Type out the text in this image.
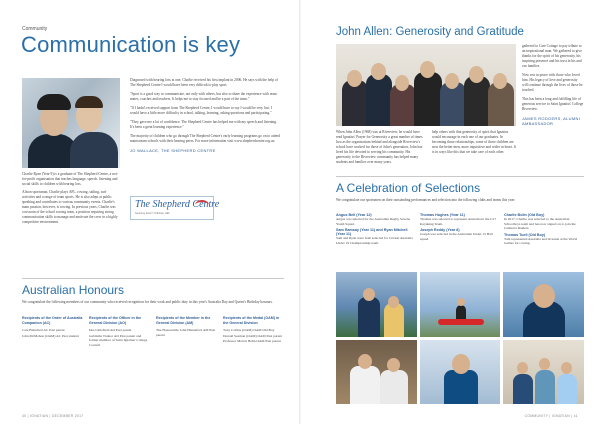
Community
Communication is key

Charlie Ryan (Year 9) is a graduate of The Shepherd Centre, a not-for-profit organisation that teaches language, speech, listening and social skills to children with hearing loss.

Alison sportsman, Charlie plays AFL, rowing, sailing, surf activities and a range of team sports. He is also adept at public speaking and contributes to various community events. Charlie's main passion, however, is rowing. In previous years, Charlie was coxswain of the school rowing team, a position requiring strong communication skills to manage and motivate the crew in a highly competitive environment.

Diagnosed with hearing loss at one, Charlie received his first implant in 2006. He says with the help of The Shepherd Centre I would have been very difficult to play sport.

"Sport is a good way to communicate, not only with others, but also to share the experience with team mates, coaches and teachers. It helps me to stay focused and be a part of the team."

"If I hadn't received support from The Shepherd Centre, I would have to say I would be very lost. I would have a little more difficulty in school, talking, learning, asking questions and participating."

"They gave me a lot of confidence. The Shepherd Centre has helped me with my speech and listening. It's been a great learning experience."

The majority of children who go through The Shepherd Centre's early learning programs go on to attend mainstream schools with their hearing peers. For more information visit www.shepherdcentre.org.au

JO WALLACE, THE SHEPHERD CENTRE
The Shepherd Centre
hearing loss? children talk
Australian Honours
We congratulate the following members of our community who received recognition for their work and public duty in this year's Australia Day and Queen's Birthday honours.
Recipients of the Order of Australia Companion (AC)
Cate Blanchett AC Past parent
John McMahon (OAM) AC Past student
Recipients of the Officer in the General Division (AO)
Des Littlefield AO Past parent
Gabrielle Trainor AO Past parent and former member of Saint Ignatius' College Council
Recipients of the Member in the General Division (AM)
The Honourable John Hannaford AM Past parent
Recipients of the Medal (OAM) in the General Division
Tony Collins (OAM) OAM Old Boy
Donald Seaman (OAM) OAM Past parent
Professor Marcia Hahn OAM Past parent
40 | IGNATIAN | DECEMBER 2017
John Allen: Generosity and Gratitude
When John Allen (1968) was at Riverview, he would have read Ignatius' Prayer for Generosity a great number of times. Just as the organisations behind and alongside Riverview's school have worked for those of John's generation, John has lived his life devoted to serving his community. His generosity to the Riverview community has helped many students and families over many years.
help others with that generosity of spirit that Ignatius would encourage in each one of our graduates. In becoming those relationships, some of those children are now the better men, more inquisitive and wider in heart. It is in ways like this that we take care of each other.

gathered to Care Cottage to pay tribute to an inspirational man. We gathered to give thanks for the spirit of his generosity, his inspiring presence and his trust in his and our families.

Now rest in peace with those who loved him. His legacy of love and generosity will continue through the lives of those he touched.

This has been a long and fulfilling life of generous service to Saint Ignatius' College Riverview.

JAMES RODGERS, ALUMNI AMBASSADOR
A Celebration of Selections
We congratulate our sportsmen on their outstanding performances and selection into the following clubs and teams this year:
Angus Bell (Year 12)
Angus was selected for the Australian Rugby Sevens Youth Squad.
Sam Ramsay (Year 11) and Ryan Mitchell (Year 11)
Sam and Ryan were both selected for Cricket Australia Under 19 Championship team.
Thomas Hughes (Year 11)
Thomas was selected to represent Australia in the U17 Kayaking Team.
Joseph Reddy (Year 8)
Joseph was selected in the Australian Under 15 Ball squad.
Charlie Bolin (Old Boy)
In 2017, Charlie was selected to the Australian Schoolboys team and has now signed on to join the Canberra Raiders.
Thomas Tuell (Old Boy)
Tom represented Australia and Oceania at the World Games for rowing.
COMMUNITY | IGNATIAN | 41
